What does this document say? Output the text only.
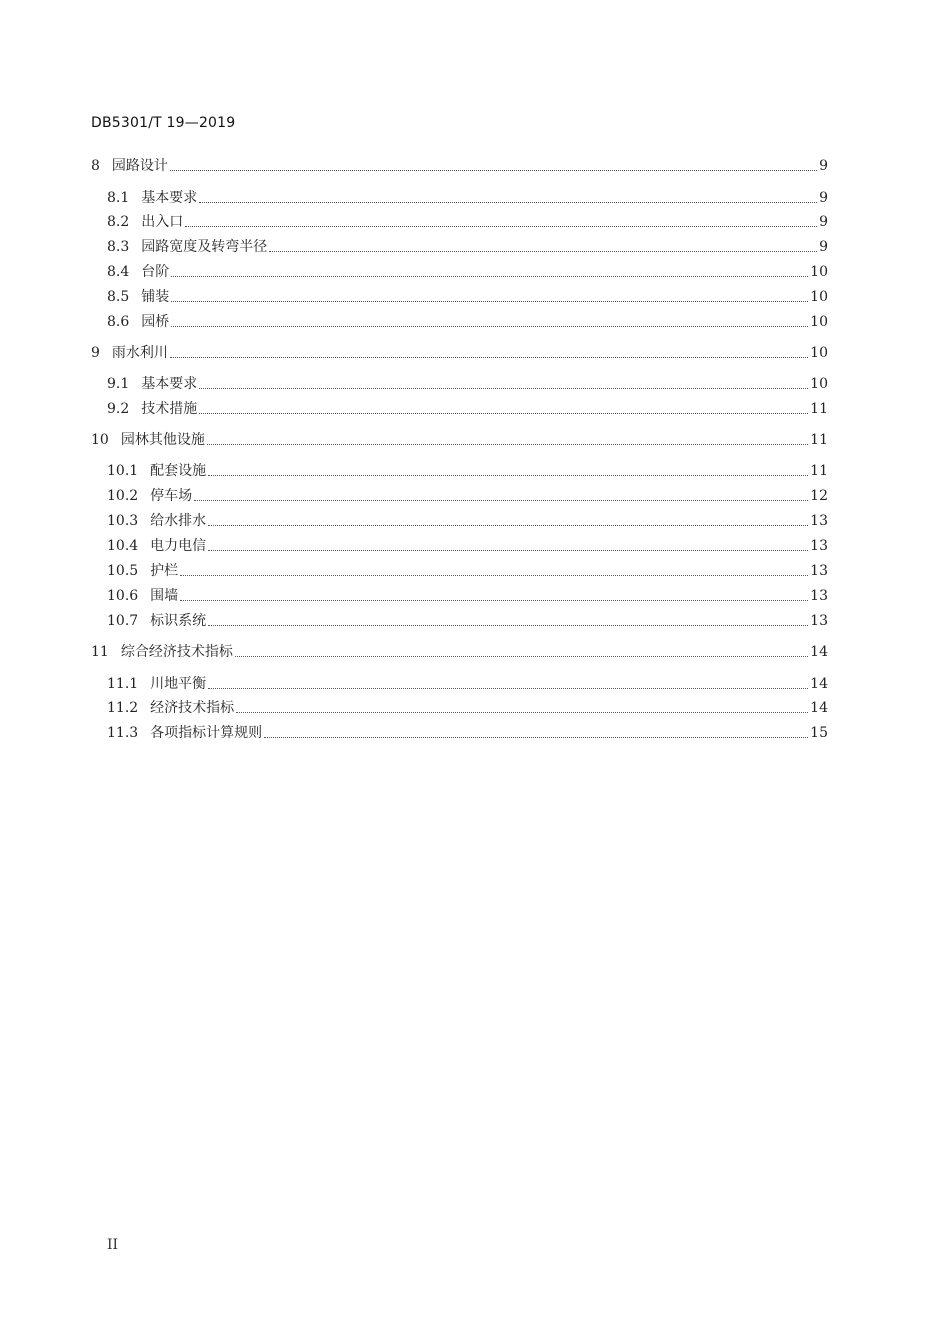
DB5301/T 19—2019
8 园路设计	9
8.1 基本要求	9
8.2 出入口	9
8.3 园路宽度及转弯半径	9
8.4 台阶	10
8.5 铺装	10
8.6 园桥	10
9 雨水利川	10
9.1 基本要求	10
9.2 技术措施	11
10 园林其他设施	11
10.1 配套设施	11
10.2 停车场	12
10.3 给水排水	13
10.4 电力电信	13
10.5 护栏	13
10.6 围墙	13
10.7 标识系统	13
11 综合经济技术指标	14
11.1 川地平衡	14
11.2 经济技术指标	14
11.3 各项指标计算规则	15
II
